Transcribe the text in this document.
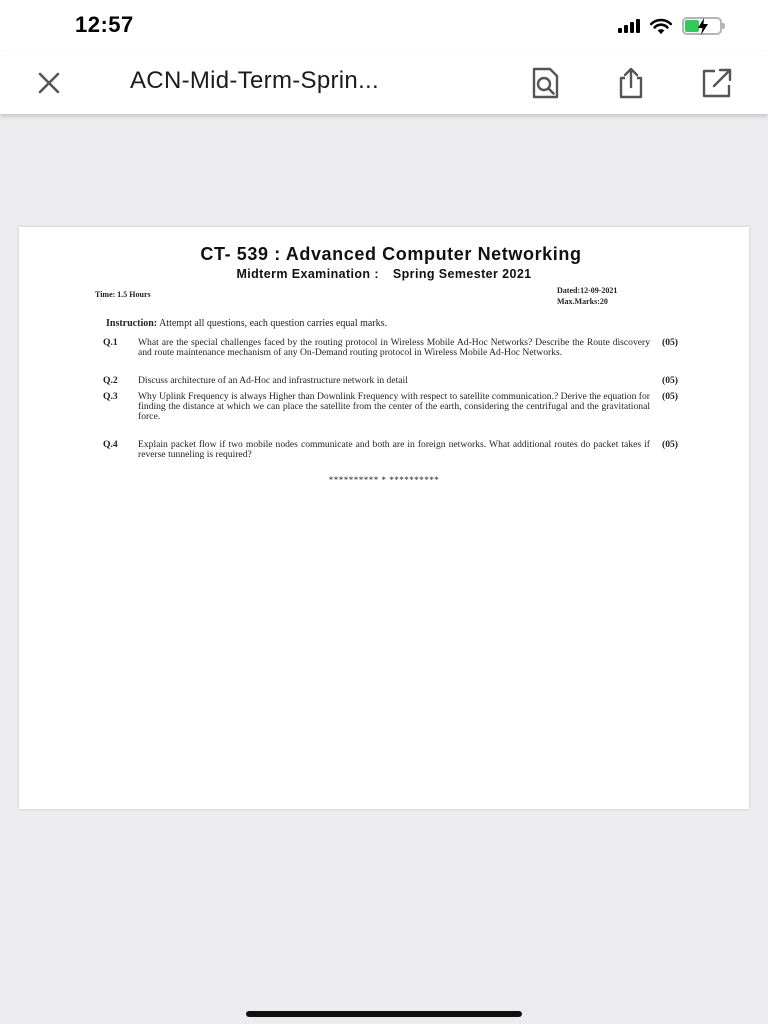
12:57
ACN-Mid-Term-Sprin...
CT- 539 : Advanced Computer Networking
Midterm Examination : Spring Semester 2021
Time: 1.5 Hours	Dated:12-09-2021
Max.Marks:20
Instruction: Attempt all questions, each question carries equal marks.
Q.1 What are the special challenges faced by the routing protocol in Wireless Mobile Ad-Hoc Networks? Describe the Route discovery and route maintenance mechanism of any On-Demand routing protocol in Wireless Mobile Ad-Hoc Networks.
(05)
Q.2 Discuss architecture of an Ad-Hoc and infrastructure network in detail	(05)
Q.3 Why Uplink Frequency is always Higher than Downlink Frequency with respect to satellite communication.? Derive the equation for finding the distance at which we can place the satellite from the center of the earth, considering the centrifugal and the gravitational force.
(05)
Q.4 Explain packet flow if two mobile nodes communicate and both are in foreign networks. What additional routes do packet takes if reverse tunneling is required?
(05)
********** * **********
